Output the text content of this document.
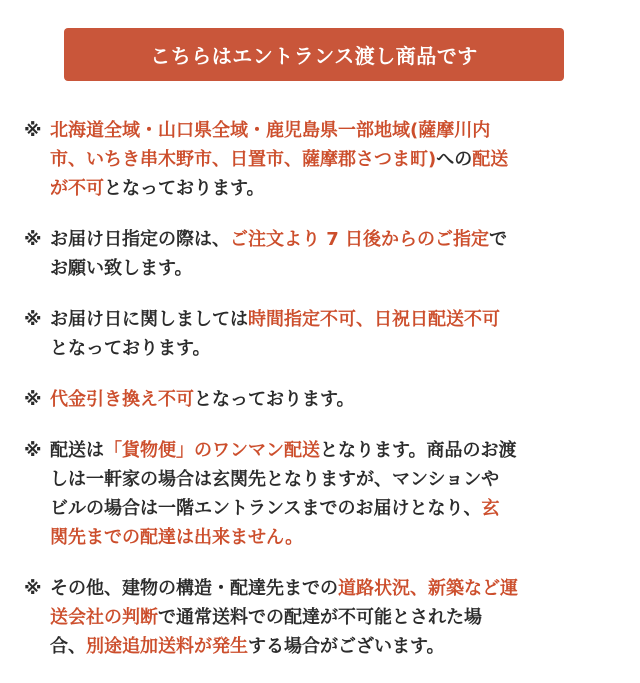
こちらはエントランス渡し商品です
※ 北海道全域・山口県全域・鹿児島県一部地域(薩摩川内
市、いちき串木野市、日置市、薩摩郡さつま町)への配送
が不可となっております。
※ お届け日指定の際は、ご注文より 7 日後からのご指定で
お願い致します。
※ お届け日に関しましては時間指定不可、日祝日配送不可
となっております。
※ 代金引き換え不可となっております。
※ 配送は「貨物便」のワンマン配送となります。商品のお渡
しは一軒家の場合は玄関先となりますが、マンションや
ビルの場合は一階エントランスまでのお届けとなり、玄
関先までの配達は出来ません。
※ その他、建物の構造・配達先までの道路状況、新築など運
送会社の判断で通常送料での配達が不可能とされた場
合、別途追加送料が発生する場合がございます。
